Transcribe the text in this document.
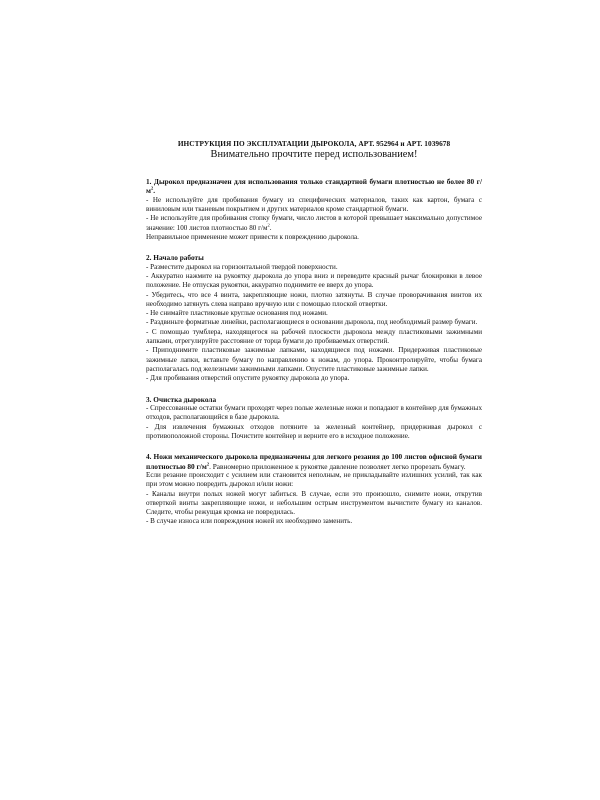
ИНСТРУКЦИЯ ПО ЭКСПЛУАТАЦИИ ДЫРОКОЛА, АРТ. 952964 и АРТ. 1039678
Внимательно прочтите перед использованием!
1. Дырокол предназначен для использования только стандартной бумаги плотностью не более 80 $г/м^2$.
- Не используйте для пробивания бумагу из специфических материалов, таких как картон, бумага с виниловым или тканевым покрытием и других материалов кроме стандартной бумаги.
- Не используйте для пробивания стопку бумаги, число листов в которой превышает максимально допустимое значение: 100 листов плотностью 80 $г/м^2$.
Неправильное применение может привести к повреждению дырокола.
2. Начало работы
- Разместите дырокол на горизонтальной твердой поверхности.
- Аккуратно нажмите на рукоятку дырокола до упора вниз и переведите красный рычаг блокировки в левое положение. Не отпуская рукоятки, аккуратно поднимите ее вверх до упора.
- Убедитесь, что все 4 винта, закрепляющие ножи, плотно затянуты. В случае проворачивания винтов их необходимо затянуть слева направо вручную или с помощью плоской отвертки.
- Не снимайте пластиковые круглые основания под ножами.
- Раздвиньте форматные линейки, располагающиеся в основании дырокола, под необходимый размер бумаги.
- С помощью тумблера, находящегося на рабочей плоскости дырокола между пластиковыми зажимными лапками, отрегулируйте расстояние от торца бумаги до пробиваемых отверстий.
- Приподнимите пластиковые зажимные лапками, находящиеся под ножами. Придерживая пластиковые зажимные лапки, вставьте бумагу по направлению к ножам, до упора. Проконтролируйте, чтобы бумага располагалась под железными зажимными лапками. Опустите пластиковые зажимные лапки.
- Для пробивания отверстий опустите рукоятку дырокола до упора.
3. Очистка дырокола
- Спрессованные остатки бумаги проходят через полые железные ножи и попадают в контейнер для бумажных отходов, располагающийся в базе дырокола.
- Для извлечения бумажных отходов потяните за железный контейнер, придерживая дырокол с противоположной стороны. Почистите контейнер и верните его в исходное положение.
4. Ножи механического дырокола предназначены для легкого резания до 100 листов офисной бумаги плотностью 80 $г/м^2$. Равномерно приложенное к рукоятке давление позволяет легко прорезать бумагу.
Если резание происходит с усилием или становится неполным, не прикладывайте излишних усилий, так как при этом можно повредить дырокол и/или ножи:
- Каналы внутри полых ножей могут забиться. В случае, если это произошло, снимите ножи, открутив отверткой винты закрепляющие ножи, и небольшим острым инструментом вычистите бумагу из каналов. Следите, чтобы режущая кромка не повредилась.
- В случае износа или повреждения ножей их необходимо заменить.
